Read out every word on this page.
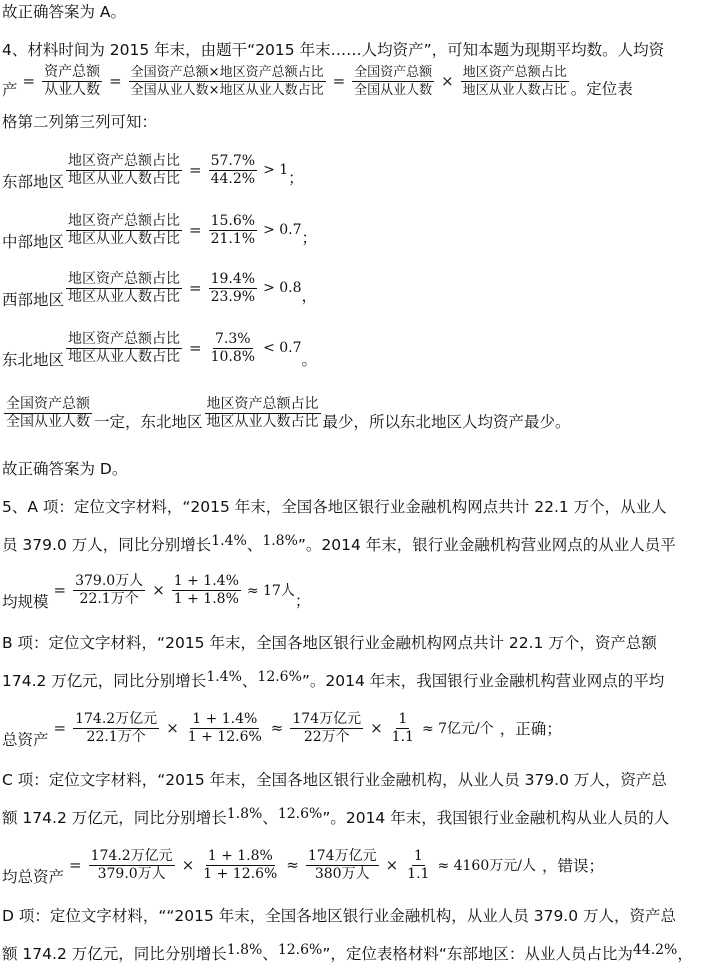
故正确答案为 A。
4、材料时间为 2015 年末，由题干“2015 年末……人均资产”，可知本题为现期平均数。人均资
产 = $\frac{\text{资产总额}}{\text{从业人数}} = \frac{\text{全国资产总额×地区资产总额占比}}{\text{全国从业人数×地区从业人数占比}} = \frac{\text{全国资产总额}}{\text{全国从业人数}} \times \frac{\text{地区资产总额占比}}{\text{地区从业人数占比}}$ 。定位表
格第二列第三列可知：
东部地区 $\frac{\text{地区资产总额占比}}{\text{地区从业人数占比}} = \frac{57.7\%}{44.2\%} > 1$ ；
中部地区 $\frac{\text{地区资产总额占比}}{\text{地区从业人数占比}} = \frac{15.6\%}{21.1\%} > 0.7$ ；
西部地区 $\frac{\text{地区资产总额占比}}{\text{地区从业人数占比}} = \frac{19.4\%}{23.9\%} > 0.8$ ，
东北地区 $\frac{\text{地区资产总额占比}}{\text{地区从业人数占比}} = \frac{7.3\%}{10.8\%} < 0.7$
。
$\frac{\text{全国资产总额}}{\text{全国从业人数}}$ 一定，东北地区 $\frac{\text{地区资产总额占比}}{\text{地区从业人数占比}}$ 最少，所以东北地区人均资产最少。
故正确答案为 D。
5、A 项：定位文字材料，“2015 年末，全国各地区银行业金融机构网点共计 22.1 万个，从业人
员 379.0 万人，同比分别增长1.4%、1.8%”。2014 年末，银行业金融机构营业网点的从业人员平
均规模
= $\frac{\text{379.0万人}}{\text{22.1万个}} \times \frac{1 + 1.4\%}{1 + 1.8\%} \approx 17$人
；
B 项：定位文字材料，“2015 年末，全国各地区银行业金融机构网点共计 22.1 万个，资产总额
174.2 万亿元，同比分别增长1.4%、12.6%”。2014 年末，我国银行业金融机构营业网点的平均
总资产
= $\frac{\text{174.2万亿元}}{\text{22.1万个}} \times \frac{1 + 1.4\%}{1 + 12.6\%} \approx \frac{\text{174万亿元}}{\text{22万个}} \times \frac{1}{1.1} \approx 7$亿元/个 ，正确；
C 项：定位文字材料，“2015 年末，全国各地区银行业金融机构，从业人员 379.0 万人，资产总
额 174.2 万亿元，同比分别增长1.8%、12.6%”。2014 年末，我国银行业金融机构从业人员的人
均总资产
= $\frac{\text{174.2万亿元}}{\text{379.0万人}} \times \frac{1 + 1.8\%}{1 + 12.6\%} \approx \frac{\text{174万亿元}}{\text{380万人}} \times \frac{1}{1.1} \approx 4160$万元/人 ，错误；
D 项：定位文字材料，““2015 年末，全国各地区银行业金融机构，从业人员 379.0 万人，资产总
额 174.2 万亿元，同比分别增长1.8%、12.6%”，定位表格材料“东部地区：从业人员占比为44.2%，
